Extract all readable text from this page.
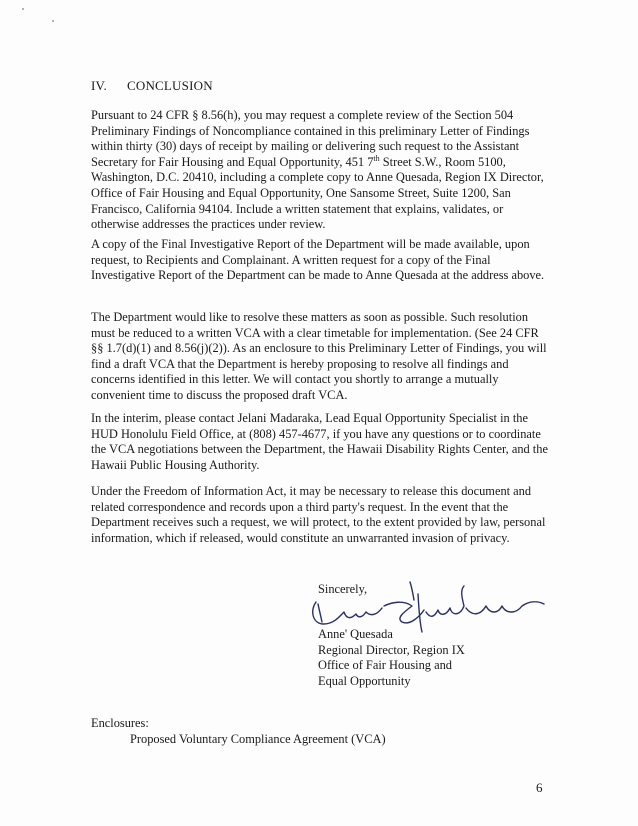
IV. CONCLUSION

Pursuant to 24 CFR § 8.56(h), you may request a complete review of the Section 504 Preliminary Findings of Noncompliance contained in this preliminary Letter of Findings within thirty (30) days of receipt by mailing or delivering such request to the Assistant Secretary for Fair Housing and Equal Opportunity, 451 7th Street S.W., Room 5100, Washington, D.C. 20410, including a complete copy to Anne Quesada, Region IX Director, Office of Fair Housing and Equal Opportunity, One Sansome Street, Suite 1200, San Francisco, California 94104. Include a written statement that explains, validates, or otherwise addresses the practices under review.

A copy of the Final Investigative Report of the Department will be made available, upon request, to Recipients and Complainant. A written request for a copy of the Final Investigative Report of the Department can be made to Anne Quesada at the address above.

The Department would like to resolve these matters as soon as possible. Such resolution must be reduced to a written VCA with a clear timetable for implementation. (See 24 CFR §§ 1.7(d)(1) and 8.56(j)(2)). As an enclosure to this Preliminary Letter of Findings, you will find a draft VCA that the Department is hereby proposing to resolve all findings and concerns identified in this letter. We will contact you shortly to arrange a mutually convenient time to discuss the proposed draft VCA.

In the interim, please contact Jelani Madaraka, Lead Equal Opportunity Specialist in the HUD Honolulu Field Office, at (808) 457-4677, if you have any questions or to coordinate the VCA negotiations between the Department, the Hawaii Disability Rights Center, and the Hawaii Public Housing Authority.

Under the Freedom of Information Act, it may be necessary to release this document and related correspondence and records upon a third party's request. In the event that the Department receives such a request, we will protect, to the extent provided by law, personal information, which if released, would constitute an unwarranted invasion of privacy.

Sincerely,
Anne' Quesada
Regional Director, Region IX
Office of Fair Housing and
Equal Opportunity
Enclosures:
Proposed Voluntary Compliance Agreement (VCA)
6
